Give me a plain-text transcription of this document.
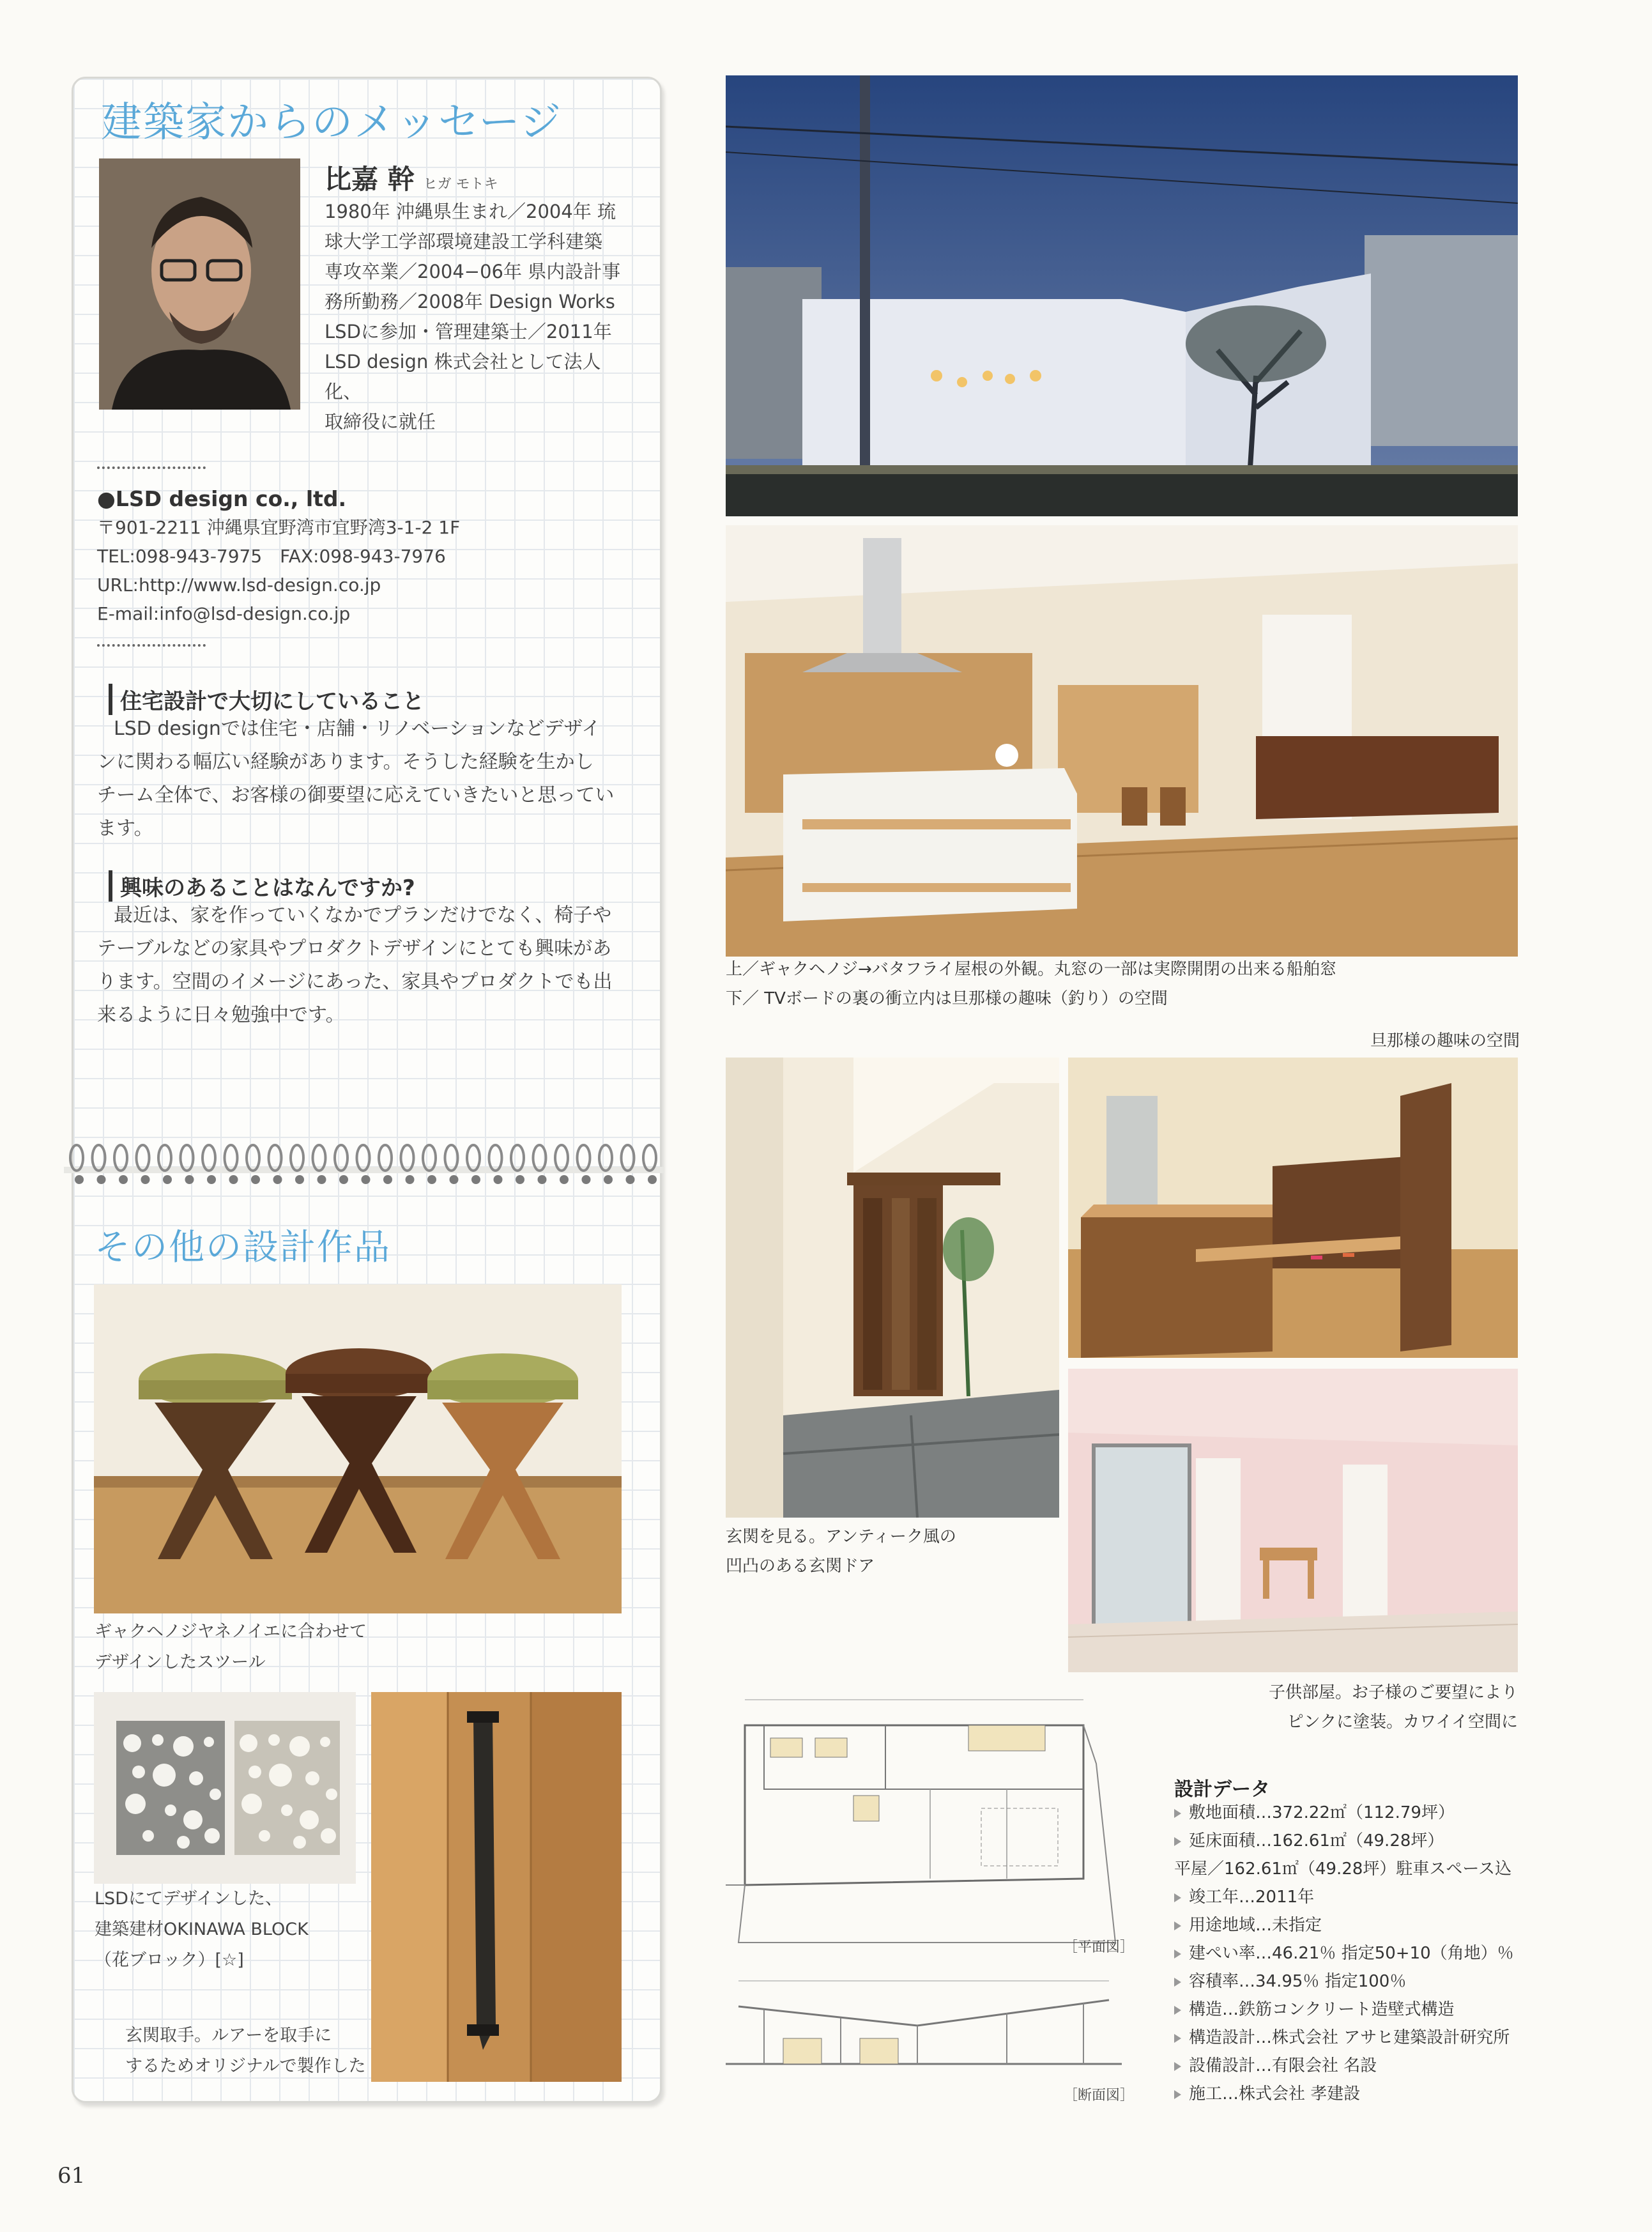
建築家からのメッセージ
比嘉 幹 ヒガ モトキ

1980年 沖縄県生まれ／2004年 琉

球大学工学部環境建設工学科建築

専攻卒業／2004−06年 県内設計事

務所勤務／2008年 Design Works

LSDに参加・管理建築士／2011年

LSD design 株式会社として法人化、

取締役に就任

●LSD design co., ltd.

〒901-2211 沖縄県宜野湾市宜野湾3-1-2 1F

TEL:098-943-7975　FAX:098-943-7976

URL:http://www.lsd-design.co.jp

E-mail:info@lsd-design.co.jp

住宅設計で大切にしていること

LSD designでは住宅・店舗・リノベーションなどデザイ

ンに関わる幅広い経験があります。そうした経験を生かし

チーム全体で、お客様の御要望に応えていきたいと思ってい

ます。

興味のあることはなんですか?

最近は、家を作っていくなかでプランだけでなく、椅子や

テーブルなどの家具やプロダクトデザインにとても興味があ

ります。空間のイメージにあった、家具やプロダクトでも出

来るように日々勉強中です。

その他の設計作品

ギャクヘノジヤネノイエに合わせて

デザインしたスツール

LSDにてデザインした、

建築建材OKINAWA BLOCK

（花ブロック）[☆]

玄関取手。ルアーを取手に

するためオリジナルで製作した

上／ギャクヘノジ→バタフライ屋根の外観。丸窓の一部は実際開閉の出来る船舶窓

下／ TVボードの裏の衝立内は旦那様の趣味（釣り）の空間

旦那様の趣味の空間

玄関を見る。アンティーク風の

凹凸のある玄関ドア

子供部屋。お子様のご要望により

ピンクに塗装。カワイイ空間に

［平面図］
［断面図］
設計データ
敷地面積…372.22㎡（112.79坪）
延床面積…162.61㎡（49.28坪）
平屋／162.61㎡（49.28坪）駐車スペース込
竣工年…2011年
用途地域…未指定
建ぺい率…46.21％ 指定50+10（角地）％
容積率…34.95％ 指定100％
構造…鉄筋コンクリート造壁式構造
構造設計…株式会社 アサヒ建築設計研究所
設備設計…有限会社 名設
施工…株式会社 孝建設
61
